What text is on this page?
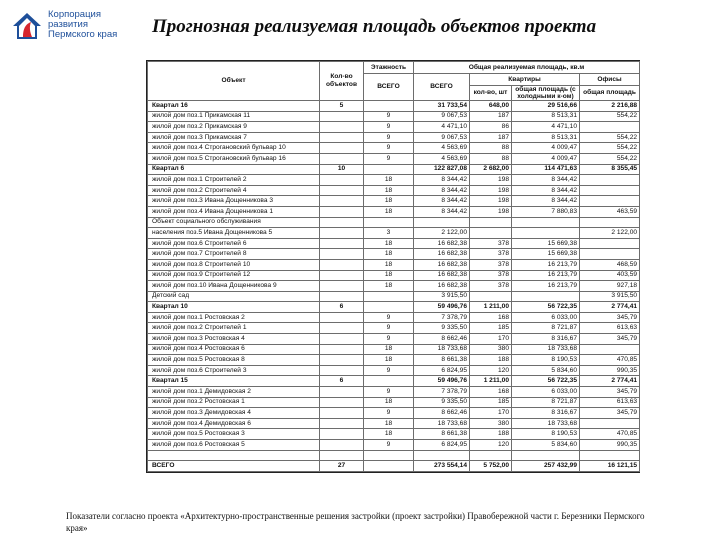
Корпорация
развития
Пермского края Прогнозная реализуемая площадь объектов проекта
Объект	Кол-во объектов	Этажность	Общая реализуемая площадь, кв.м			
		ВСЕГО	ВСЕГО	Квартиры		Офисы
				кол-во, шт	общая площадь (с холодными к-ом)	общая площадь
Квартал 16	5		31 733,54	648,00	29 516,66	2 216,88
жилой дом поз.1 Прикамская 11		9	9 067,53	187	8 513,31	554,22
жилой дом поз.2 Прикамская 9		9	4 471,10	86	4 471,10	
жилой дом поз.3 Прикамская 7		9	9 067,53	187	8 513,31	554,22
жилой дом поз.4 Строгановский бульвар 10		9	4 563,69	88	4 009,47	554,22
жилой дом поз.5 Строгановский бульвар 16		9	4 563,69	88	4 009,47	554,22
Квартал 6	10		122 827,08	2 682,00	114 471,63	8 355,45
жилой дом поз.1 Строителей 2		18	8 344,42	198	8 344,42	
жилой дом поз.2 Строителей 4		18	8 344,42	198	8 344,42	
жилой дом поз.3 Ивана Дощенникова 3		18	8 344,42	198	8 344,42	
жилой дом поз.4 Ивана Дощенникова 1		18	8 344,42	198	7 880,83	463,59
Объект социального обслуживания						
населения поз.5 Ивана Дощенникова 5		3	2 122,00			2 122,00
жилой дом поз.6 Строителей 6		18	16 682,38	378	15 669,38	
жилой дом поз.7 Строителей 8		18	16 682,38	378	15 669,38	
жилой дом поз.8 Строителей 10		18	16 682,38	378	16 213,79	468,59
жилой дом поз.9 Строителей 12		18	16 682,38	378	16 213,79	403,59
жилой дом поз.10 Ивана Дощенникова 9		18	16 682,38	378	16 213,79	927,18
Детский сад			3 915,50			3 915,50
Квартал 10	6		59 496,76	1 211,00	56 722,35	2 774,41
жилой дом поз.1 Ростовская 2		9	7 378,79	168	6 033,00	345,79
жилой дом поз.2 Строителей 1		9	9 335,50	185	8 721,87	613,63
жилой дом поз.3 Ростовская 4		9	8 662,46	170	8 316,67	345,79
жилой дом поз.4 Ростовская 6		18	18 733,68	380	18 733,68	
жилой дом поз.5 Ростовская 8		18	8 661,38	188	8 190,53	470,85
жилой дом поз.6 Строителей 3		9	6 824,95	120	5 834,60	990,35
Квартал 15	6		59 496,76	1 211,00	56 722,35	2 774,41
жилой дом поз.1 Демидовская 2		9	7 378,79	168	6 033,00	345,79
жилой дом поз.2 Ростовская 1		18	9 335,50	185	8 721,87	613,63
жилой дом поз.3 Демидовская 4		9	8 662,46	170	8 316,67	345,79
жилой дом поз.4 Демидовская 6		18	18 733,68	380	18 733,68	
жилой дом поз.5 Ростовская 3		18	8 661,38	188	8 190,53	470,85
жилой дом поз.6 Ростовская 5		9	6 824,95	120	5 834,60	990,35

ВСЕГО	27		273 554,14	5 752,00	257 432,99	16 121,15
Показатели согласно проекта «Архитектурно-пространственные решения застройки (проект застройки) Правобережной части г. Березники Пермского края»
